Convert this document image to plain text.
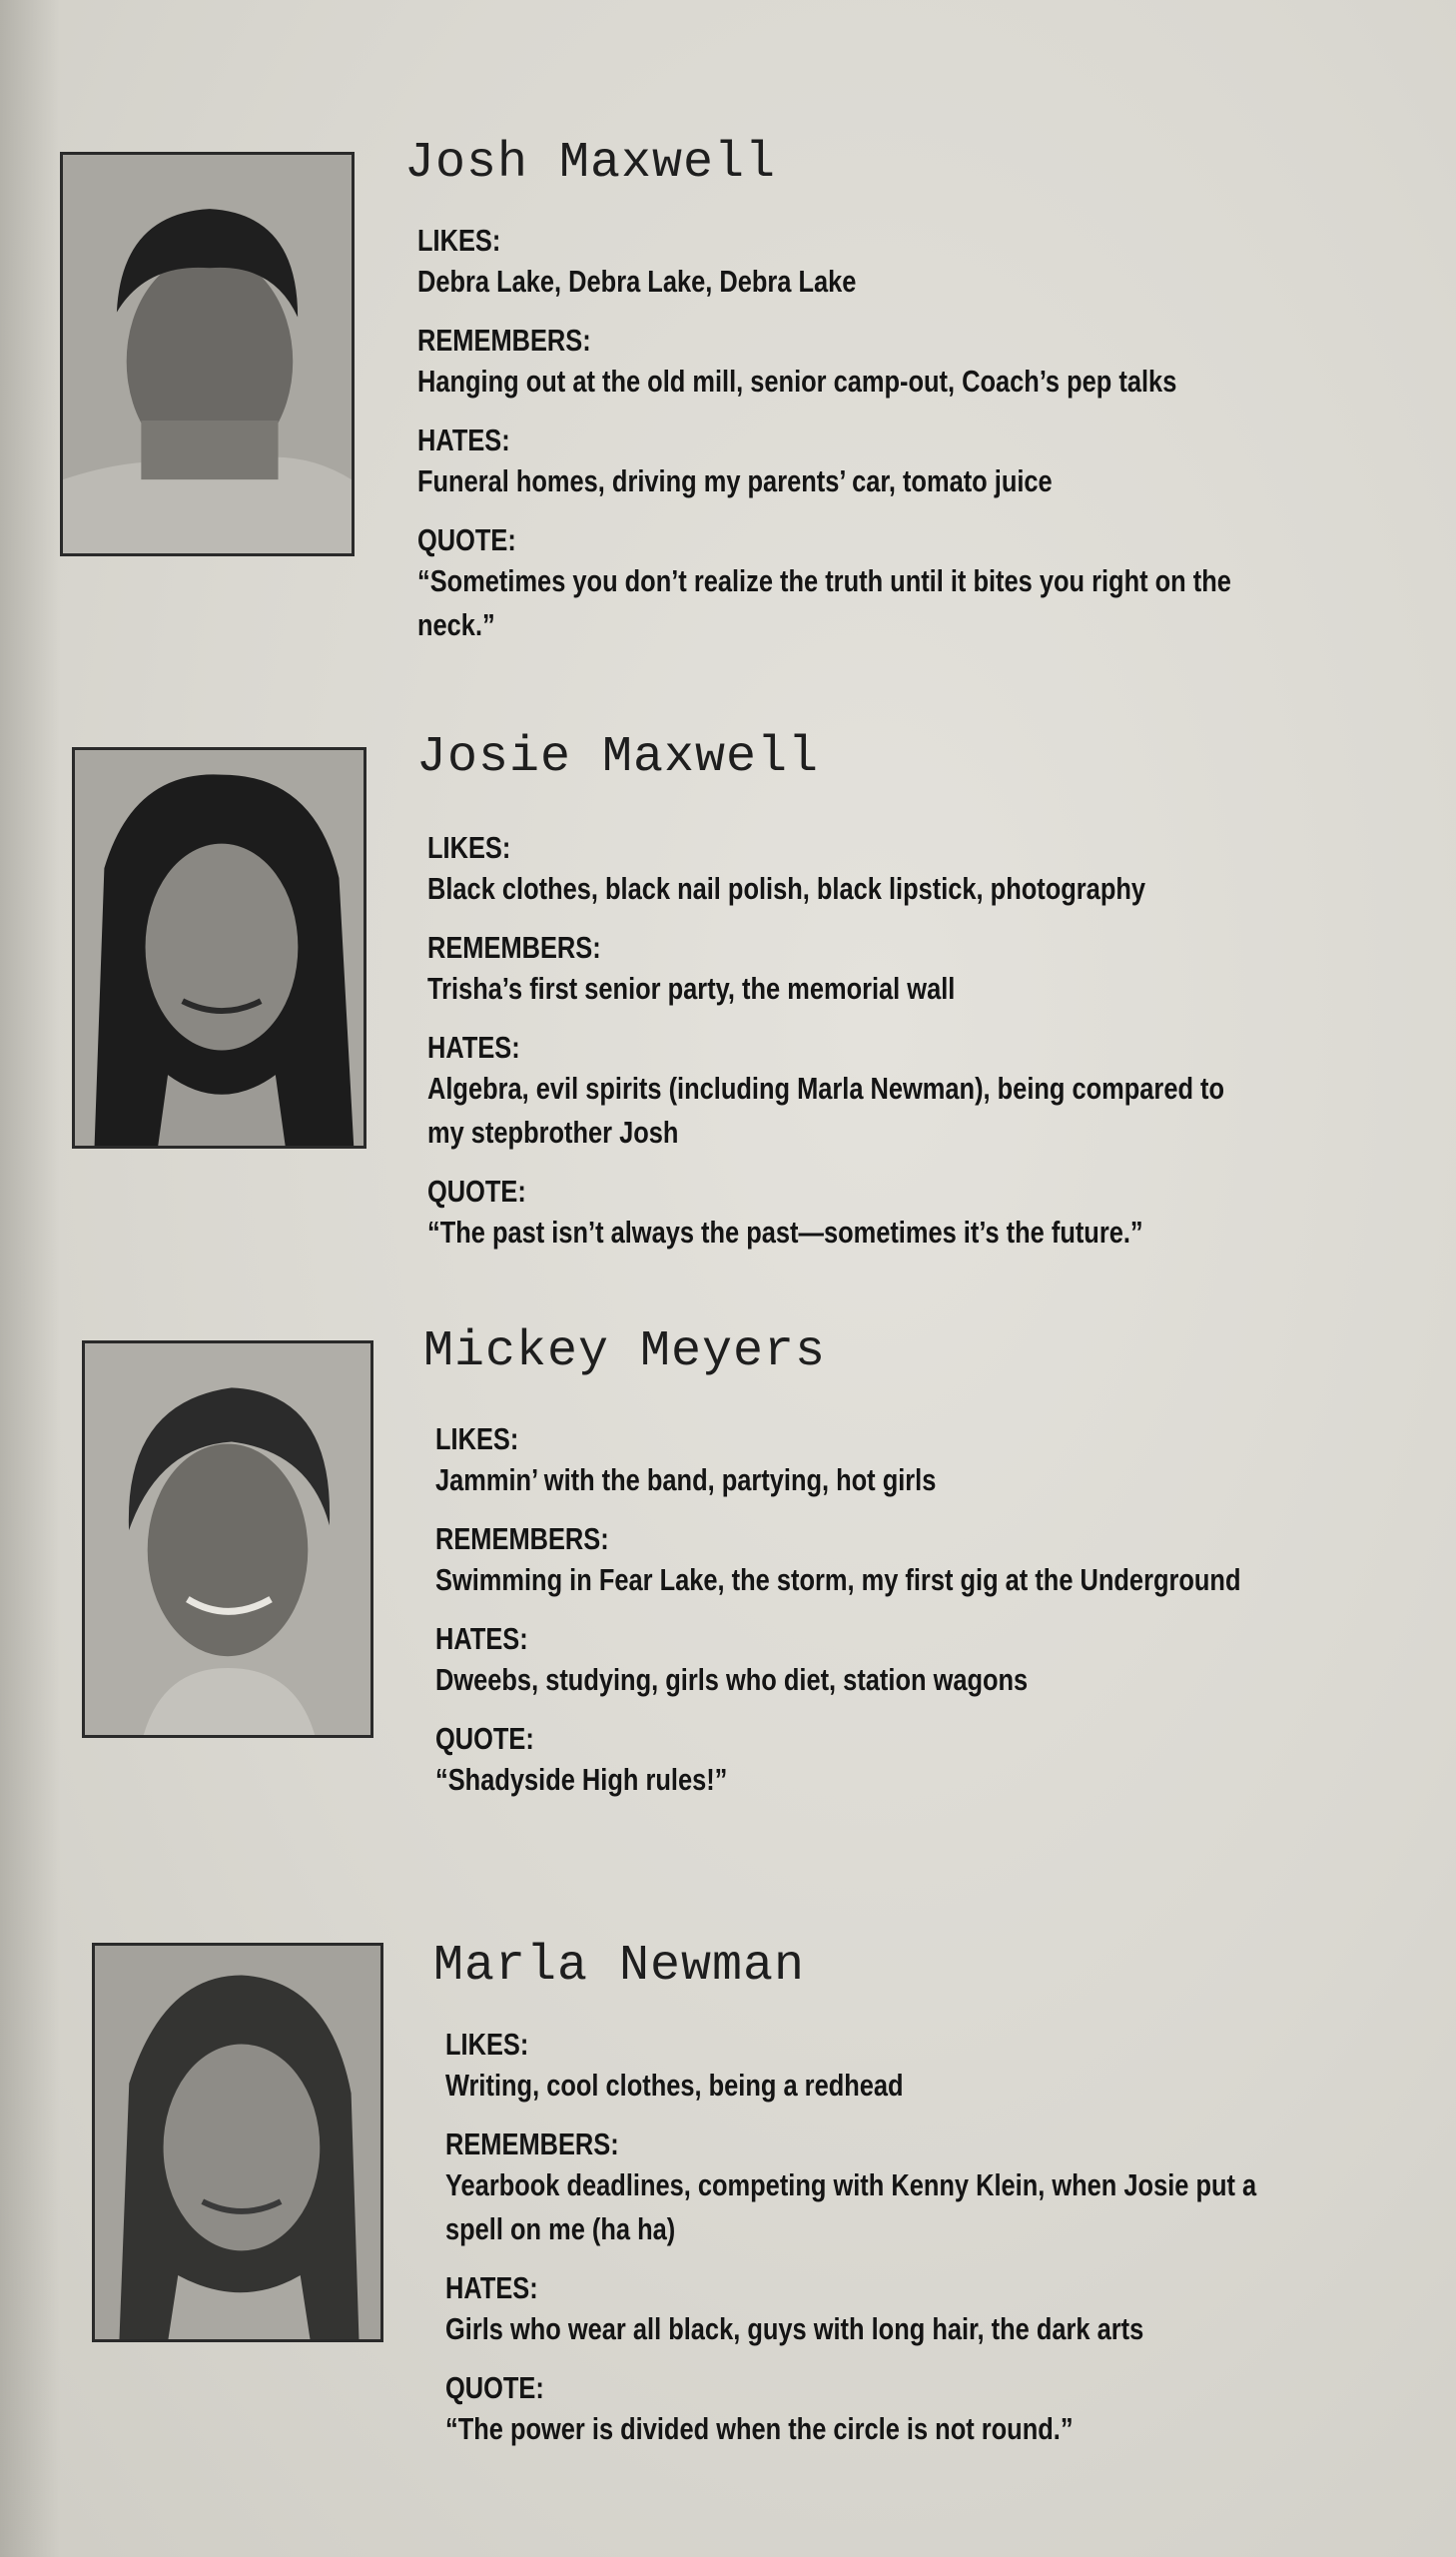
Josh Maxwell
LIKES:
Debra Lake, Debra Lake, Debra Lake
REMEMBERS:
Hanging out at the old mill, senior camp-out, Coach’s pep talks
HATES:
Funeral homes, driving my parents’ car, tomato juice
QUOTE:
“Sometimes you don’t realize the truth until it bites you right on the neck.”
Josie Maxwell
LIKES:
Black clothes, black nail polish, black lipstick, photography
REMEMBERS:
Trisha’s first senior party, the memorial wall
HATES:
Algebra, evil spirits (including Marla Newman), being compared to my stepbrother Josh
QUOTE:
“The past isn’t always the past—sometimes it’s the future.”
Mickey Meyers
LIKES:
Jammin’ with the band, partying, hot girls
REMEMBERS:
Swimming in Fear Lake, the storm, my first gig at the Underground
HATES:
Dweebs, studying, girls who diet, station wagons
QUOTE:
“Shadyside High rules!”
Marla Newman
LIKES:
Writing, cool clothes, being a redhead
REMEMBERS:
Yearbook deadlines, competing with Kenny Klein, when Josie put a spell on me (ha ha)
HATES:
Girls who wear all black, guys with long hair, the dark arts
QUOTE:
“The power is divided when the circle is not round.”
